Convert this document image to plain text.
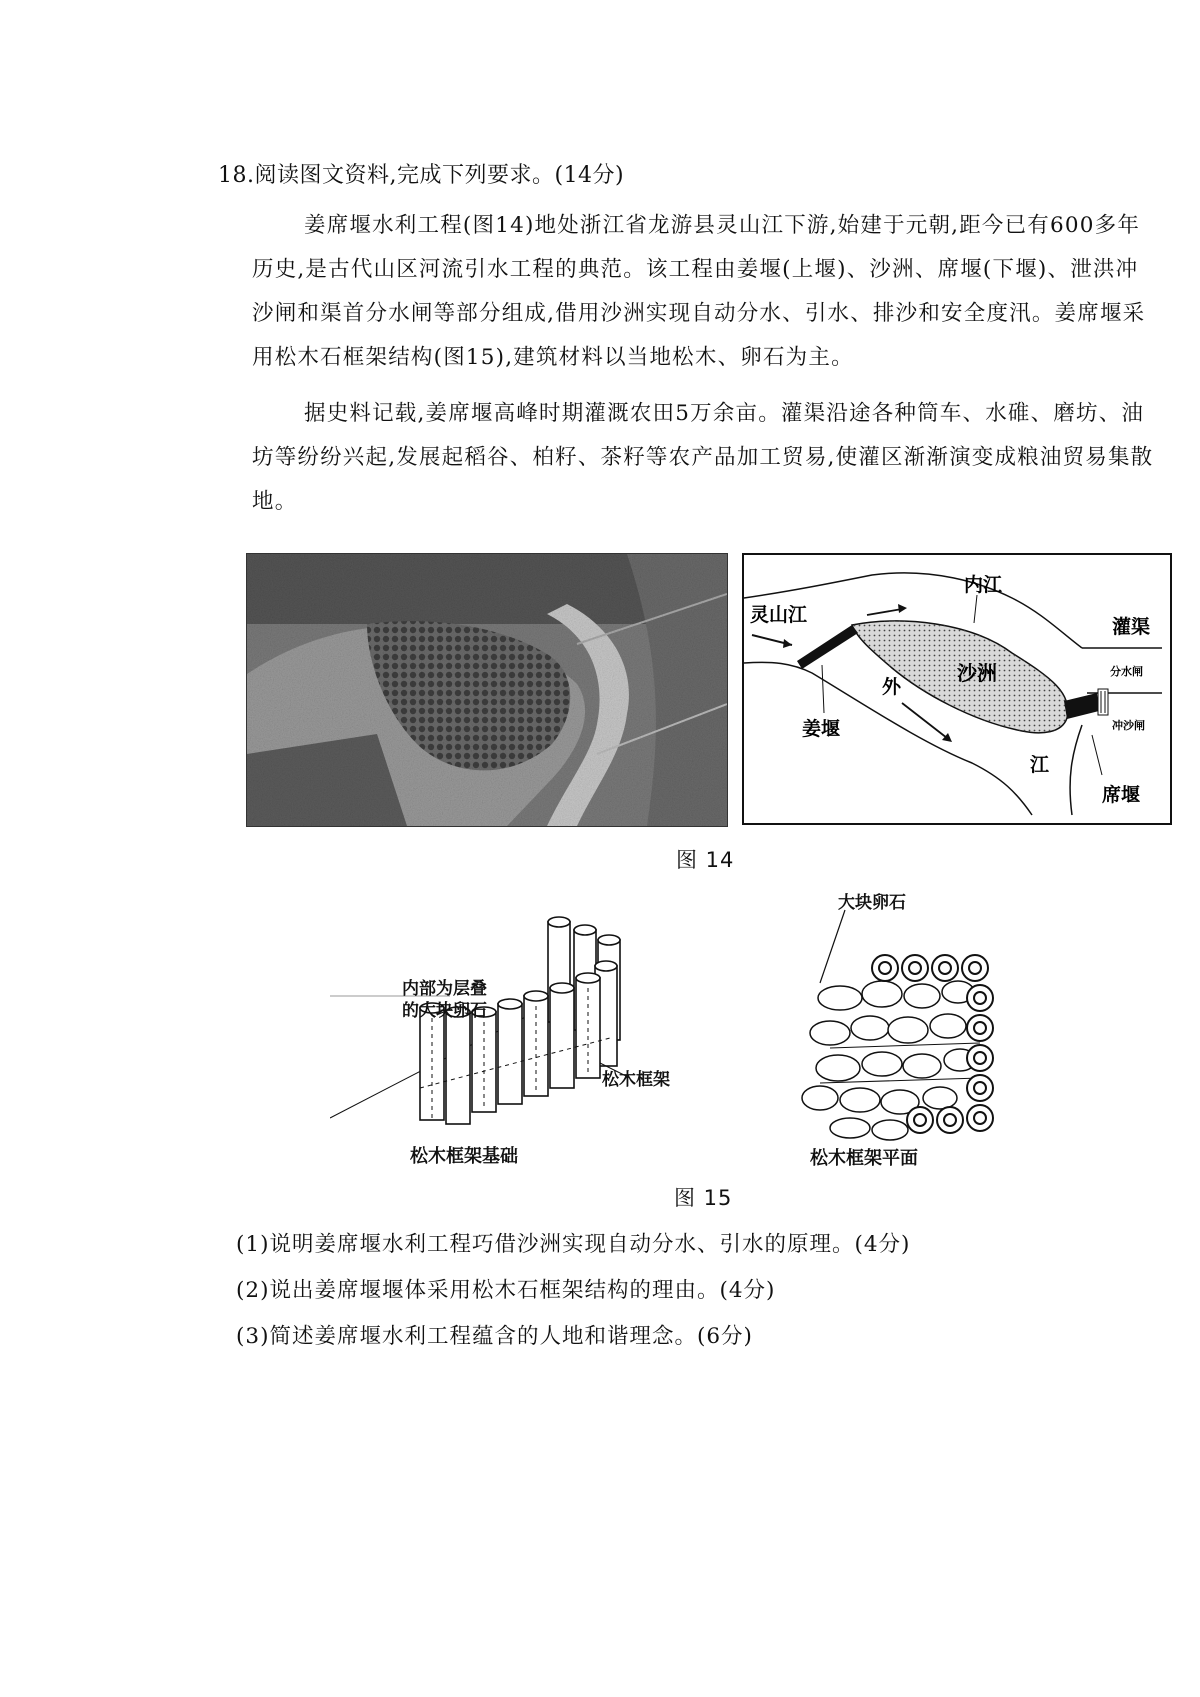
18.阅读图文资料,完成下列要求。(14分)

姜席堰水利工程(图14)地处浙江省龙游县灵山江下游,始建于元朝,距今已有600多年历史,是古代山区河流引水工程的典范。该工程由姜堰(上堰)、沙洲、席堰(下堰)、泄洪冲沙闸和渠首分水闸等部分组成,借用沙洲实现自动分水、引水、排沙和安全度汛。姜席堰采用松木石框架结构(图15),建筑材料以当地松木、卵石为主。

据史料记载,姜席堰高峰时期灌溉农田5万余亩。灌渠沿途各种筒车、水碓、磨坊、油坊等纷纷兴起,发展起稻谷、柏籽、茶籽等农产品加工贸易,使灌区渐渐演变成粮油贸易集散地。

灵山江
内江
灌渠
分水闸
沙洲
外
江
姜堰	冲沙闸
席堰
图 14
内部为层叠
的大块卵石
松木框架
松木框架基础
大块卵石
松木框架平面
图 15
(1)说明姜席堰水利工程巧借沙洲实现自动分水、引水的原理。(4分)
(2)说出姜席堰堰体采用松木石框架结构的理由。(4分)
(3)简述姜席堰水利工程蕴含的人地和谐理念。(6分)
